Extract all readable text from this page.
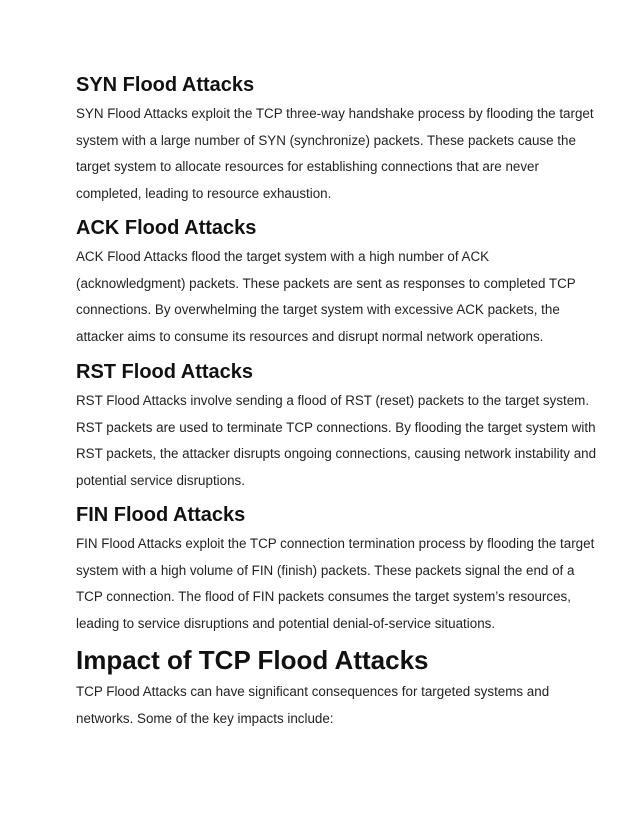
SYN Flood Attacks

SYN Flood Attacks exploit the TCP three-way handshake process by flooding the target
system with a large number of SYN (synchronize) packets. These packets cause the
target system to allocate resources for establishing connections that are never
completed, leading to resource exhaustion.

ACK Flood Attacks

ACK Flood Attacks flood the target system with a high number of ACK
(acknowledgment) packets. These packets are sent as responses to completed TCP
connections. By overwhelming the target system with excessive ACK packets, the
attacker aims to consume its resources and disrupt normal network operations.

RST Flood Attacks

RST Flood Attacks involve sending a flood of RST (reset) packets to the target system.
RST packets are used to terminate TCP connections. By flooding the target system with
RST packets, the attacker disrupts ongoing connections, causing network instability and
potential service disruptions.

FIN Flood Attacks

FIN Flood Attacks exploit the TCP connection termination process by flooding the target
system with a high volume of FIN (finish) packets. These packets signal the end of a
TCP connection. The flood of FIN packets consumes the target system’s resources,
leading to service disruptions and potential denial-of-service situations.

Impact of TCP Flood Attacks

TCP Flood Attacks can have significant consequences for targeted systems and
networks. Some of the key impacts include:
